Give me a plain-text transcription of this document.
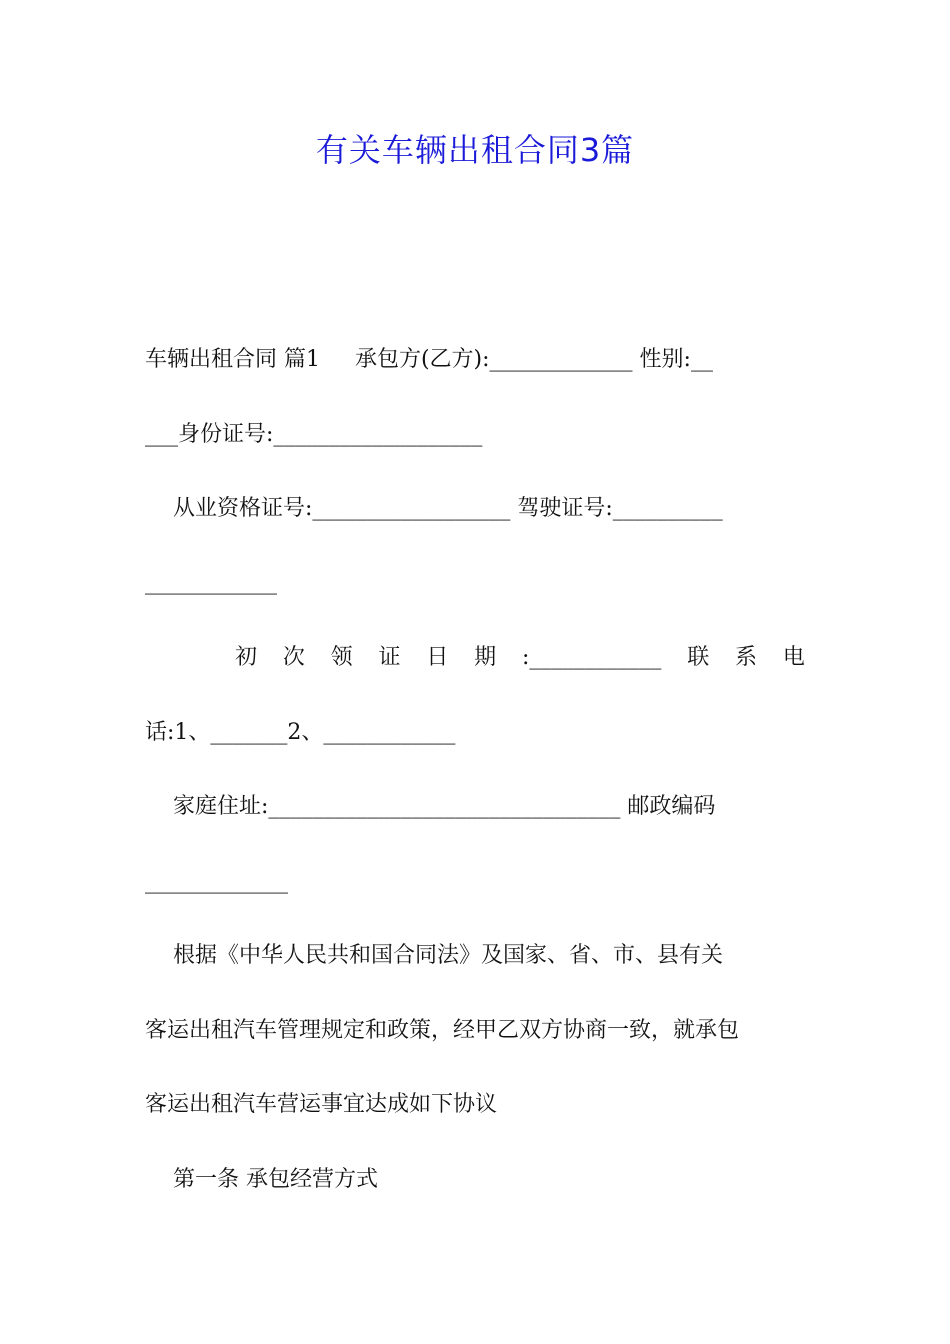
有关车辆出租合同3篇
车辆出租合同 篇1     承包方(乙方):_____________ 性别:__
___身份证号:___________________
从业资格证号:__________________ 驾驶证号:__________
____________
初 次 领 证 日 期 :____________ 联 系 电
话:1、_______2、____________
家庭住址:________________________________ 邮政编码
_____________
根据《中华人民共和国合同法》及国家、省、市、县有关
客运出租汽车管理规定和政策，经甲乙双方协商一致，就承包
客运出租汽车营运事宜达成如下协议
第一条 承包经营方式
